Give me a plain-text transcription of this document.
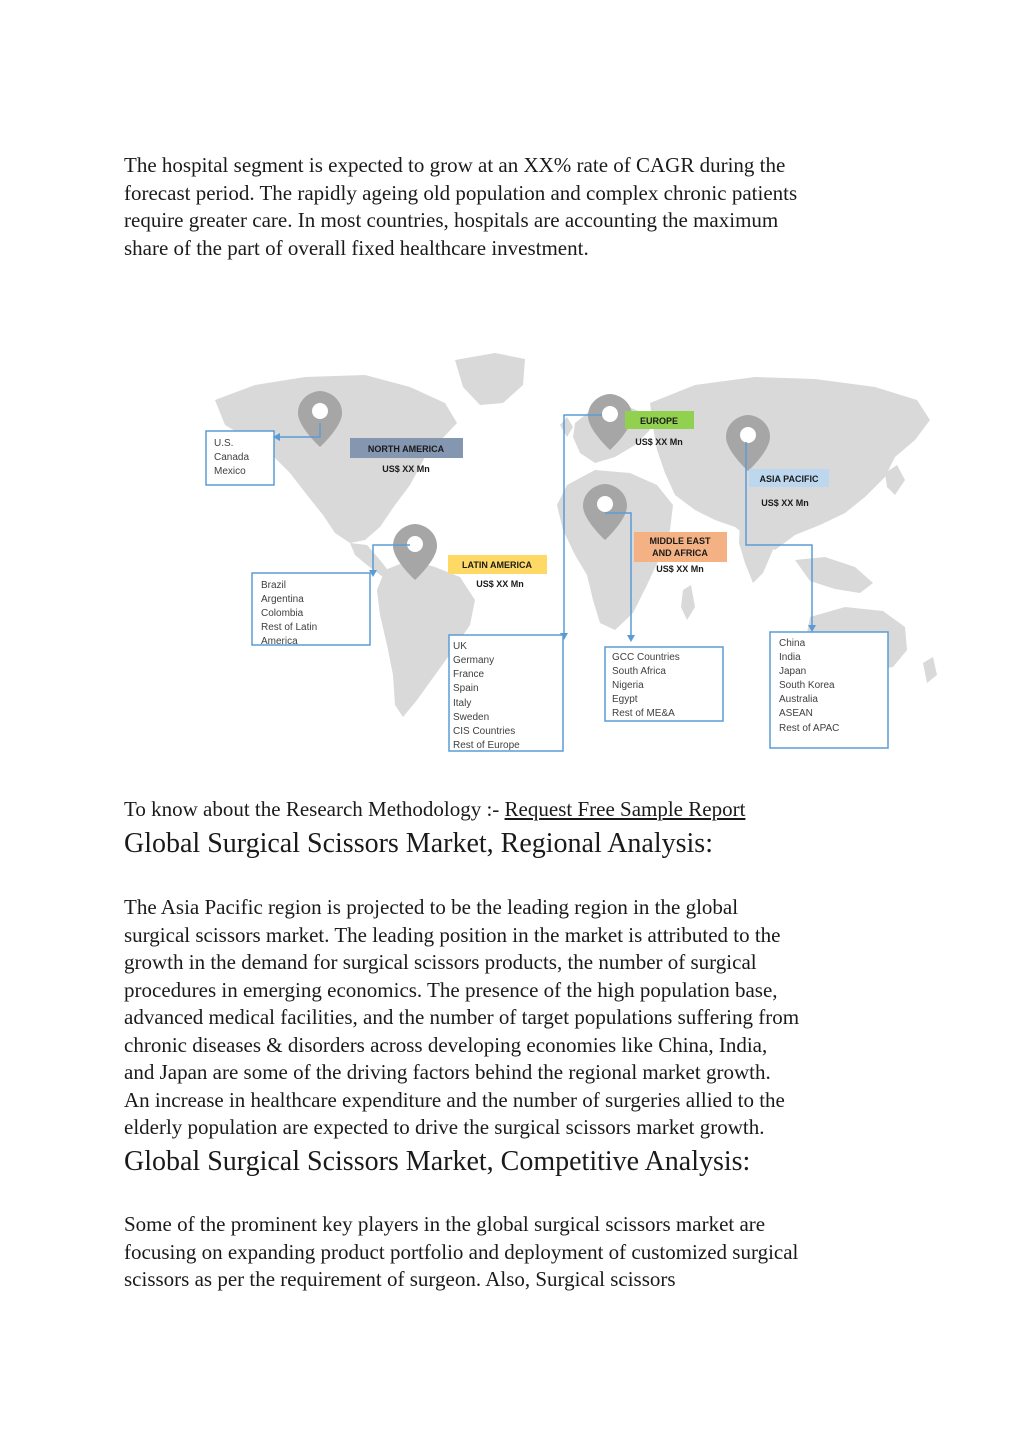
The hospital segment is expected to grow at an XX% rate of CAGR during the
forecast period. The rapidly ageing old population and complex chronic patients
require greater care. In most countries, hospitals are accounting the maximum
share of the part of overall fixed healthcare investment.
NORTH AMERICA
US$ XX Mn
EUROPE
US$ XX Mn
ASIA PACIFIC
US$ XX Mn
MIDDLE EAST
AND AFRICA
US$ XX Mn
LATIN AMERICA
US$ XX Mn
U.S.
Canada
Mexico
Brazil
Argentina
Colombia
Rest of Latin
America	UK
Germany
France
Spain
Italy
Sweden
CIS Countries
Rest of Europe
GCC Countries
South Africa
Nigeria
Egypt
Rest of ME&A
China
India
Japan
South Korea
Australia
ASEAN
Rest of APAC
To know about the Research Methodology :- Request Free Sample Report
Global Surgical Scissors Market, Regional Analysis:
The Asia Pacific region is projected to be the leading region in the global
surgical scissors market. The leading position in the market is attributed to the
growth in the demand for surgical scissors products, the number of surgical
procedures in emerging economics. The presence of the high population base,
advanced medical facilities, and the number of target populations suffering from
chronic diseases & disorders across developing economies like China, India,
and Japan are some of the driving factors behind the regional market growth.
An increase in healthcare expenditure and the number of surgeries allied to the
elderly population are expected to drive the surgical scissors market growth.
Global Surgical Scissors Market, Competitive Analysis:
Some of the prominent key players in the global surgical scissors market are
focusing on expanding product portfolio and deployment of customized surgical
scissors as per the requirement of surgeon. Also, Surgical scissors
